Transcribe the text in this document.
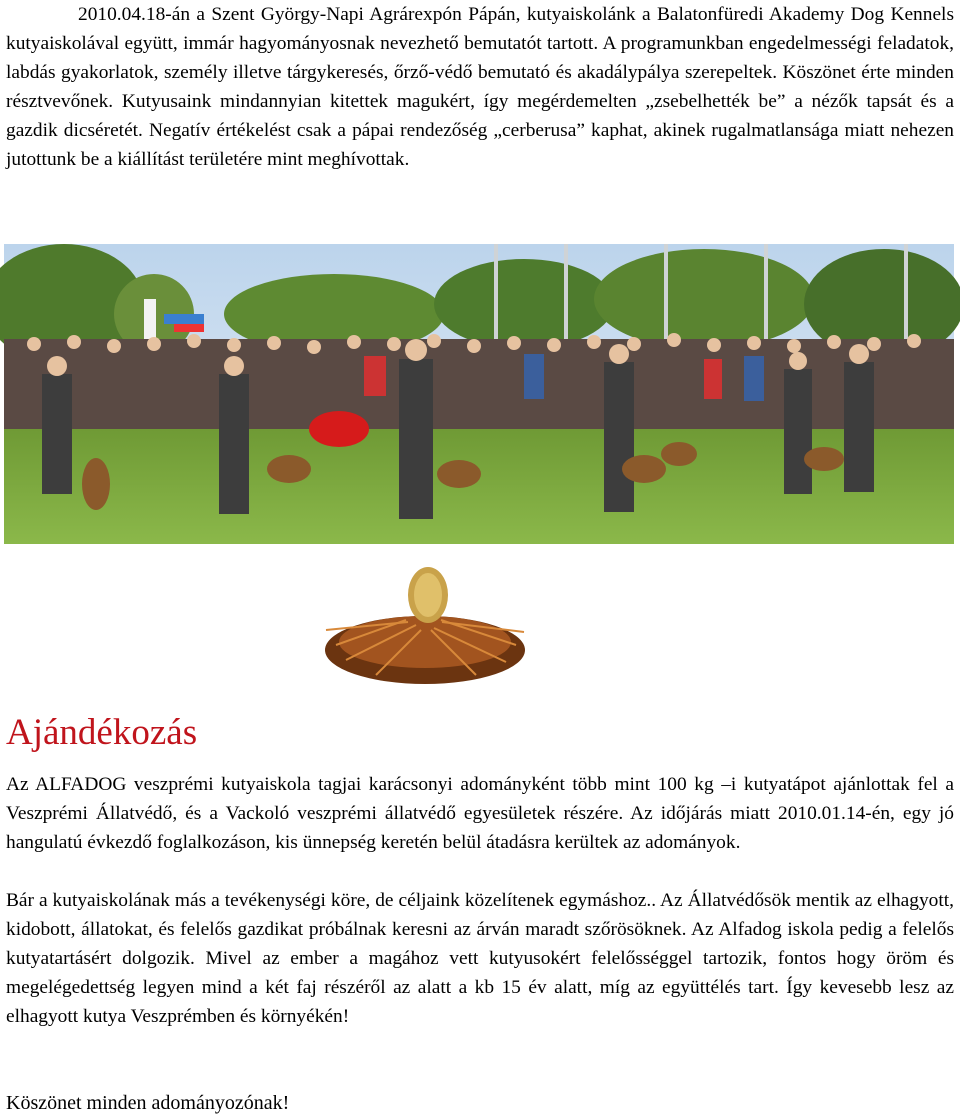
2010.04.18-án a Szent György-Napi Agrárexpón Pápán, kutyaiskolánk a Balatonfüredi Akademy Dog Kennels kutyaiskolával együtt, immár hagyományosnak nevezhető bemutatót tartott. A programunkban engedelmességi feladatok, labdás gyakorlatok, személy illetve tárgykeresés, őrző-védő bemutató és akadálypálya szerepeltek. Köszönet érte minden résztvevőnek. Kutyusaink mindannyian kitettek magukért, így megérdemelten „zsebelhették be” a nézők tapsát és a gazdik dicséretét. Negatív értékelést csak a pápai rendezőség „cerberusa” kaphat, akinek rugalmatlansága miatt nehezen jutottunk be a kiállítást területére mint meghívottak.

superstock.com
Ajándékozás

Az ALFADOG veszprémi kutyaiskola tagjai karácsonyi adományként több mint 100 kg –i kutyatápot ajánlottak fel a Veszprémi Állatvédő, és a Vackoló veszprémi állatvédő egyesületek részére. Az időjárás miatt 2010.01.14-én, egy jó hangulatú évkezdő foglalkozáson, kis ünnepség keretén belül átadásra kerültek az adományok.

Bár a kutyaiskolának más a tevékenységi köre, de céljaink közelítenek egymáshoz.. Az Állatvédősök mentik az elhagyott, kidobott, állatokat, és felelős gazdikat próbálnak keresni az árván maradt szőrösöknek. Az Alfadog iskola pedig a felelős kutyatartásért dolgozik. Mivel az ember a magához vett kutyusokért felelősséggel tartozik, fontos hogy öröm és megelégedettség legyen mind a két faj részéről az alatt a kb 15 év alatt, míg az együttélés tart. Így kevesebb lesz az elhagyott kutya Veszprémben és környékén!

Köszönet minden adományozónak!
